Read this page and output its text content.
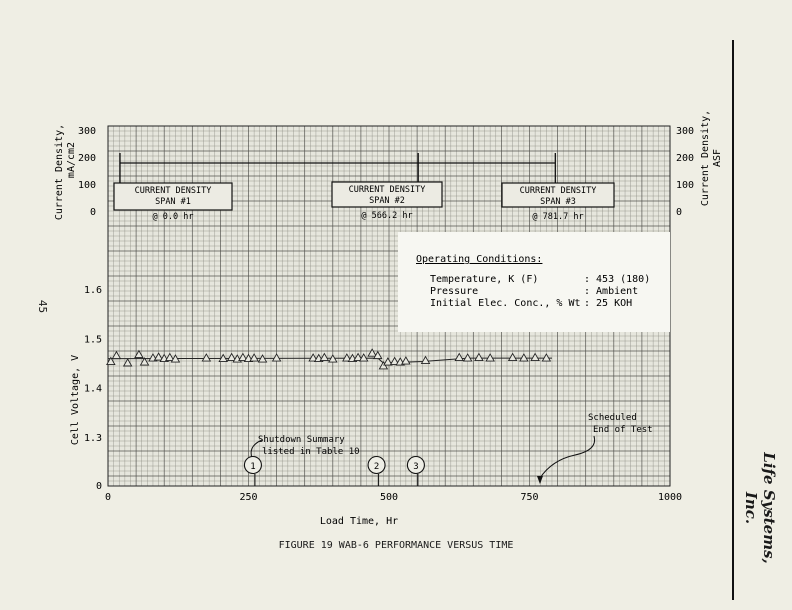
0	250	500	750	1000
Load Time, Hr
1.3
1.4
1.5
1.6
0
Cell Voltage, V
300
200
100
0
300
200
100
0
Current Density, mA/cm2	Current Density, ASF
CURRENT DENSITY
SPAN #1
@ 0.0 hr
CURRENT DENSITY
SPAN #2
@ 566.2 hr
CURRENT DENSITY
SPAN #3
@ 781.7 hr
Operating Conditions:
Temperature, K (F)	: 453 (180)
Pressure	: Ambient
Initial Elec. Conc., % Wt : 25 KOH
Shutdown Summary
listed in Table 10
1	2	3
Scheduled
End of Test
45
Life Systems, Inc.
FIGURE 19 WAB-6 PERFORMANCE VERSUS TIME
